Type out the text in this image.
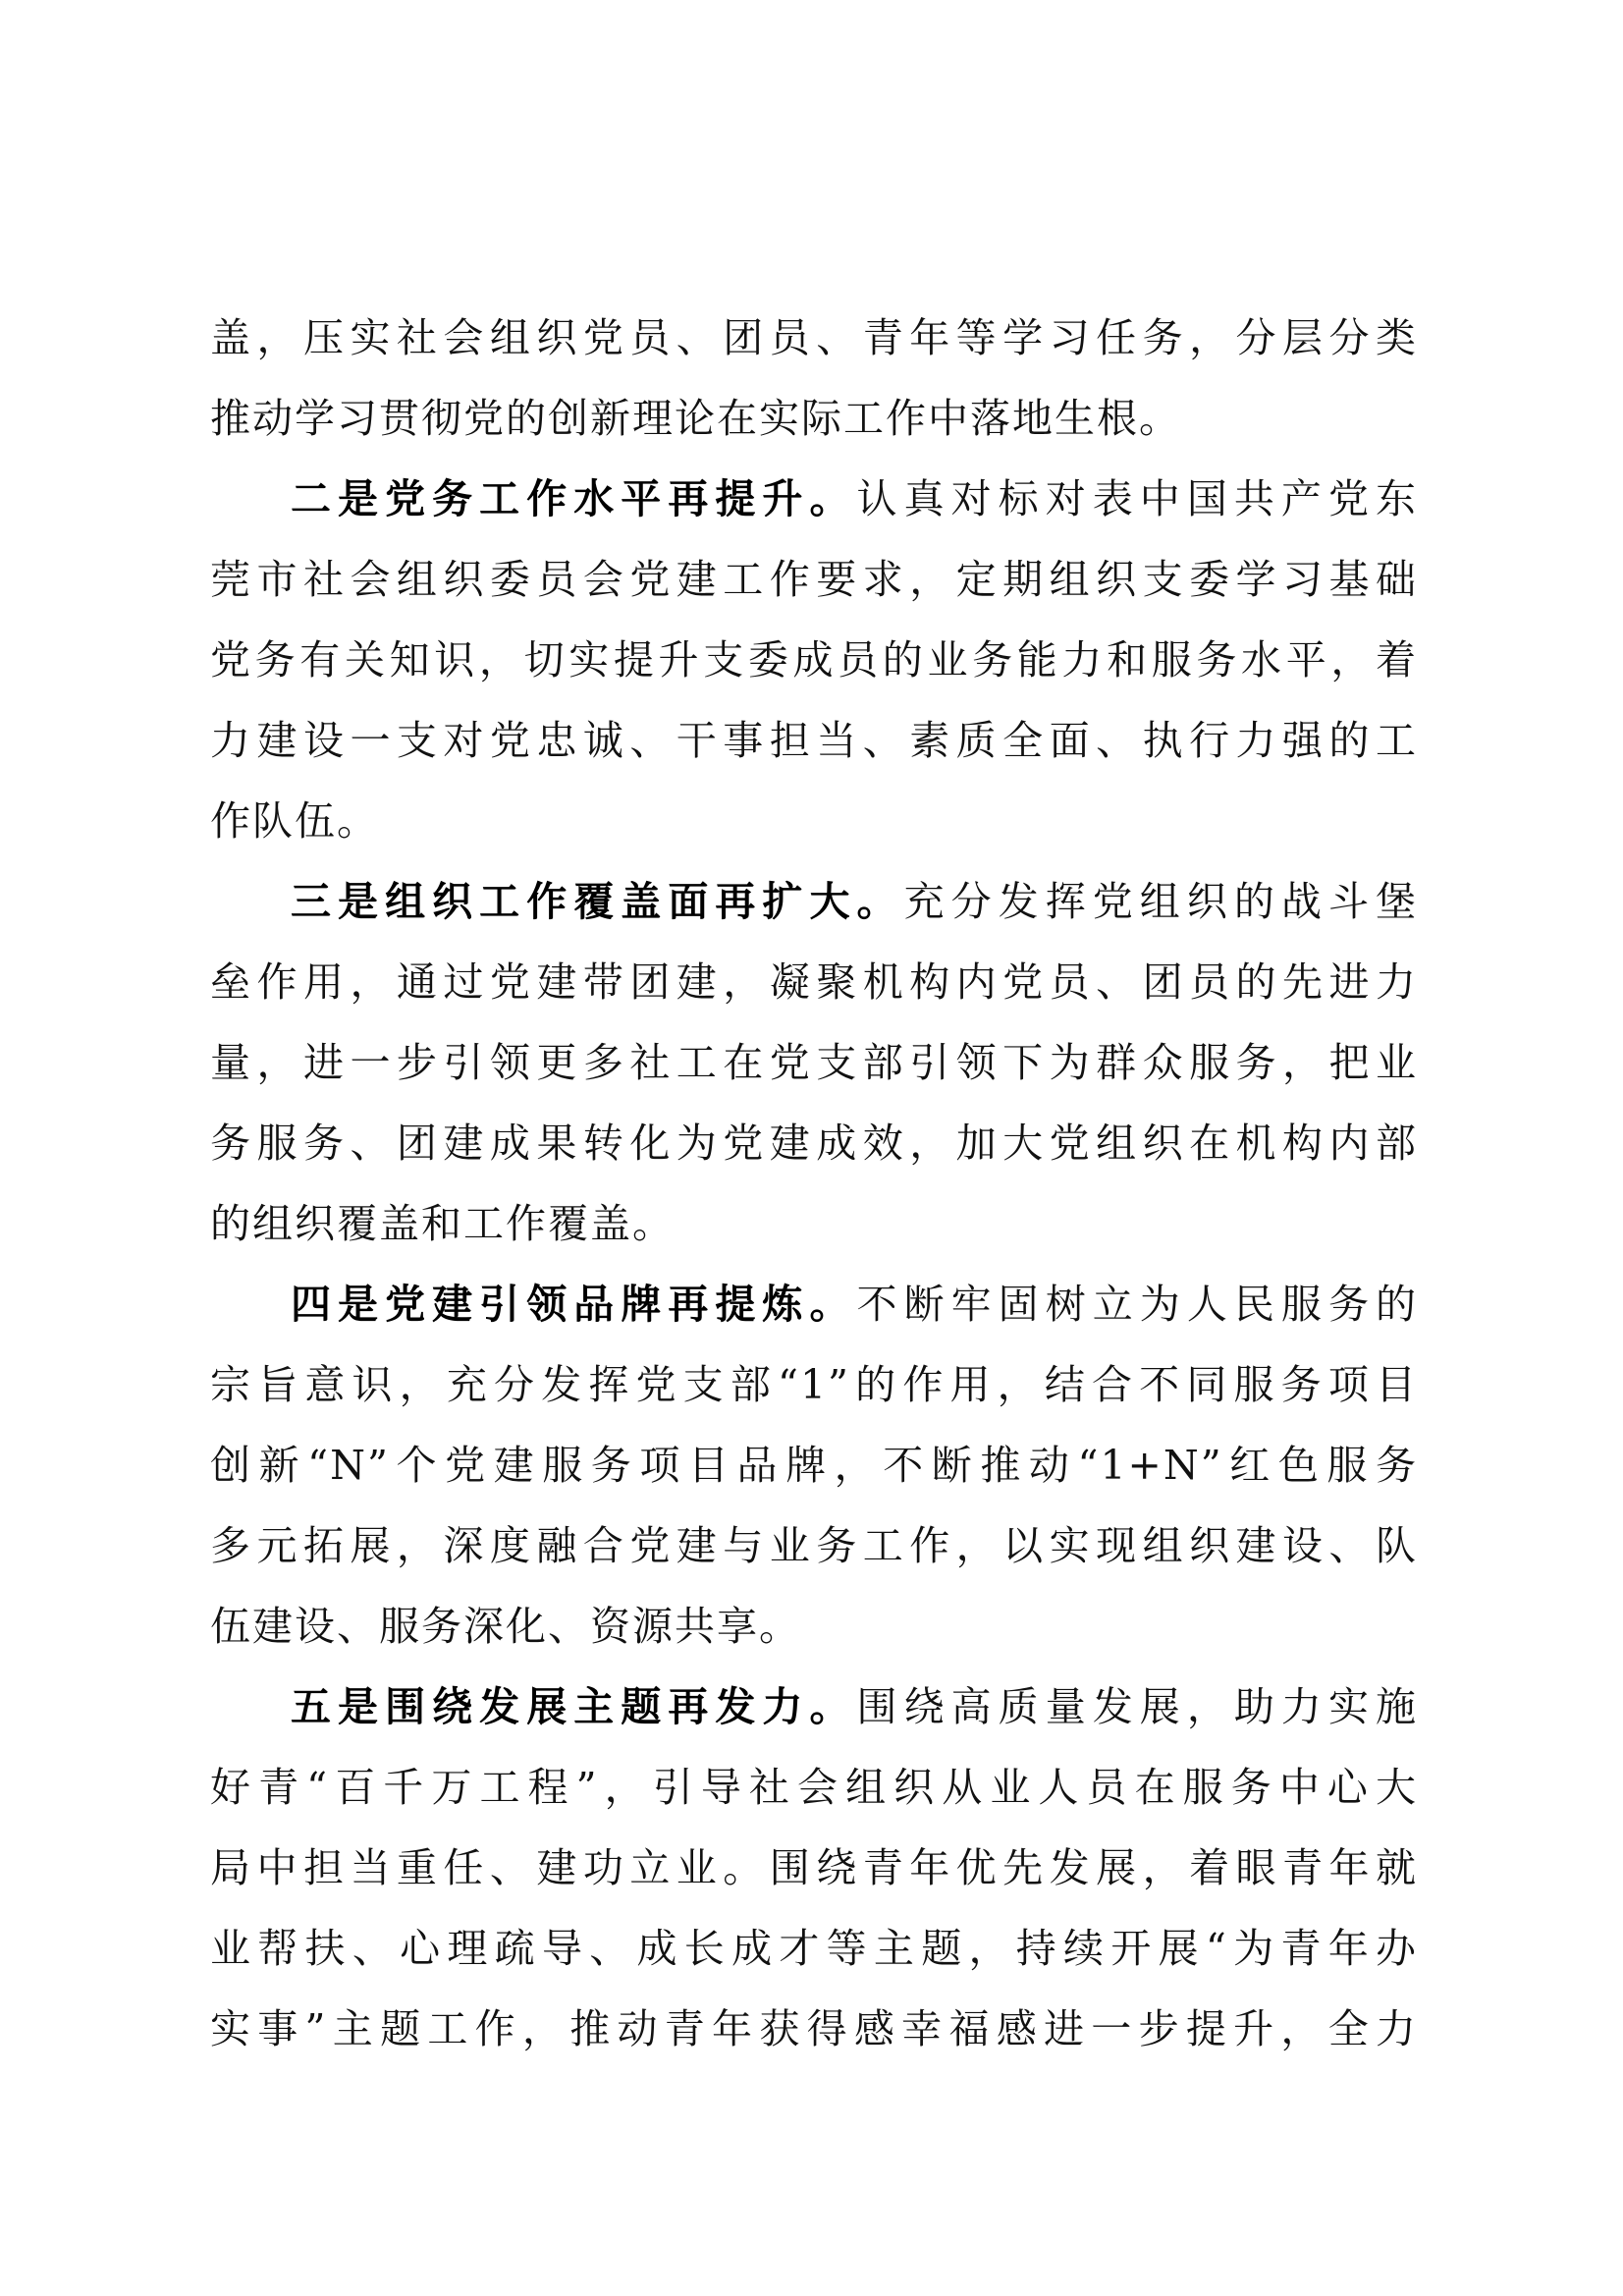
盖，压实社会组织党员、团员、青年等学习任务，分层分类
推动学习贯彻党的创新理论在实际工作中落地生根。
二是党务工作水平再提升。认真对标对表中国共产党东
莞市社会组织委员会党建工作要求，定期组织支委学习基础
党务有关知识，切实提升支委成员的业务能力和服务水平，着
力建设一支对党忠诚、干事担当、素质全面、执行力强的工
作队伍。
三是组织工作覆盖面再扩大。充分发挥党组织的战斗堡
垒作用，通过党建带团建，凝聚机构内党员、团员的先进力
量，进一步引领更多社工在党支部引领下为群众服务，把业
务服务、团建成果转化为党建成效，加大党组织在机构内部
的组织覆盖和工作覆盖。
四是党建引领品牌再提炼。不断牢固树立为人民服务的
宗旨意识，充分发挥党支部“1”的作用，结合不同服务项目
创新“N”个党建服务项目品牌，不断推动“1+N”红色服务
多元拓展，深度融合党建与业务工作，以实现组织建设、队
伍建设、服务深化、资源共享。
五是围绕发展主题再发力。围绕高质量发展，助力实施
好青“百千万工程”，引导社会组织从业人员在服务中心大
局中担当重任、建功立业。围绕青年优先发展，着眼青年就
业帮扶、心理疏导、成长成才等主题，持续开展“为青年办
实事”主题工作，推动青年获得感幸福感进一步提升，全力
